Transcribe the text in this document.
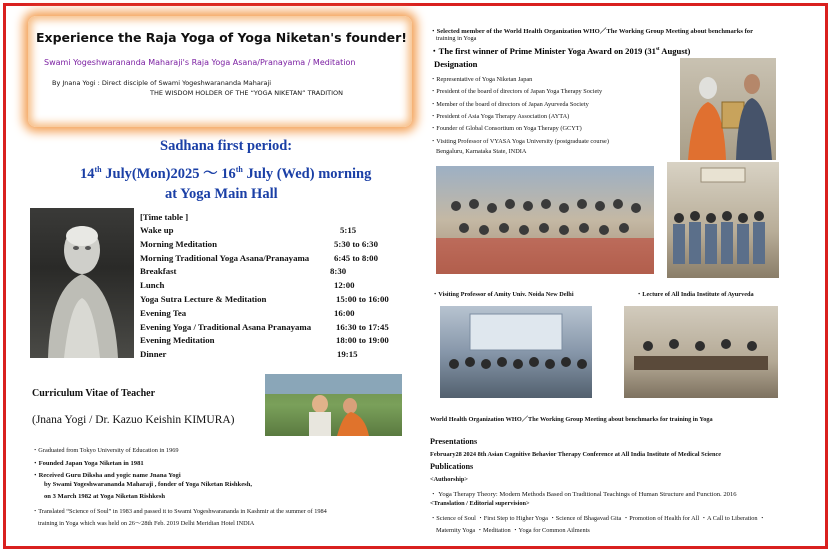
Experience the Raja Yoga of Yoga Niketan's founder!
Swami Yogeshwarananda Maharaji's Raja Yoga Asana/Pranayama / Meditation
By Jnana Yogi : Direct disciple of Swami Yogeshwarananda Maharaji
THE WISDOM HOLDER OF THE “YOGA NIKETAN” TRADITION
Sadhana first period:
14th July(Mon)2025 ～ 16th July (Wed) morning
at Yoga Main Hall
[Time table ]
Wake up	5:15
Morning Meditation	5:30 to 6:30
Morning Traditional Yoga Asana/Pranayama	6:45 to 8:00
Breakfast	8:30
Lunch	12:00
Yoga Sutra Lecture & Meditation	15:00 to 16:00
Evening Tea	16:00
Evening Yoga / Traditional Asana Pranayama	16:30 to 17:45
Evening Meditation	18:00 to 19:00
Dinner	19:15
Curriculum Vitae of Teacher
(Jnana Yogi / Dr. Kazuo Keishin KIMURA)
・Graduated from Tokyo University of Education in 1969
・Founded Japan Yoga Niketan in 1981
・Received Guru Diksha and yogic name Jnana Yogi
by Swami Yogeshwarananda Maharaji , fonder of Yoga Niketan Rishkesh,
on 3 March 1982 at Yoga Niketan Rishkesh
・Translated “Science of Soul” in 1983 and passed it to Swami Yogeshwarananda in Kashmir at the summer of 1984
training in Yoga which was held on 26～28th Feb. 2019 Delhi Meridian Hotel INDIA
・Selected member of the World Health Organization WHO／The Working Group Meeting about benchmarks for
training in Yoga
・The first winner of Prime Minister Yoga Award on 2019 (31st August)
Designation
・Representative of Yoga Niketan Japan
・President of the board of directors of Japan Yoga Therapy Society
・Member of the board of directors of Japan Ayurveda Society
・President of Asia Yoga Therapy Association (AYTA)
・Founder of Global Consortium on Yoga Therapy (GCYT)
・Visiting Professor of VYASA Yoga University (postgraduate course)
Bengaluru, Karnataka State, INDIA
・Visiting Professor of Amity Univ. Noida New Delhi	・Lecture of All India Institute of Ayurveda
World Health Organization WHO／The Working Group Meeting about benchmarks for training in Yoga
Presentations
February28 2024 8th Asian Cognitive Behavior Therapy Conference at All India Institute of Medical Science
Publications
<Authorship>
・ Yoga Therapy Theory: Modern Methods Based on Traditional Teachings of Human Structure and Function. 2016
<Translation / Editorial supervision>
・Science of Soul ・First Step to Higher Yoga ・Science of Bhagavad Gita ・Promotion of Health for All ・A Call to Liberation ・
Maternity Yoga ・Meditation ・Yoga for Common Ailments
